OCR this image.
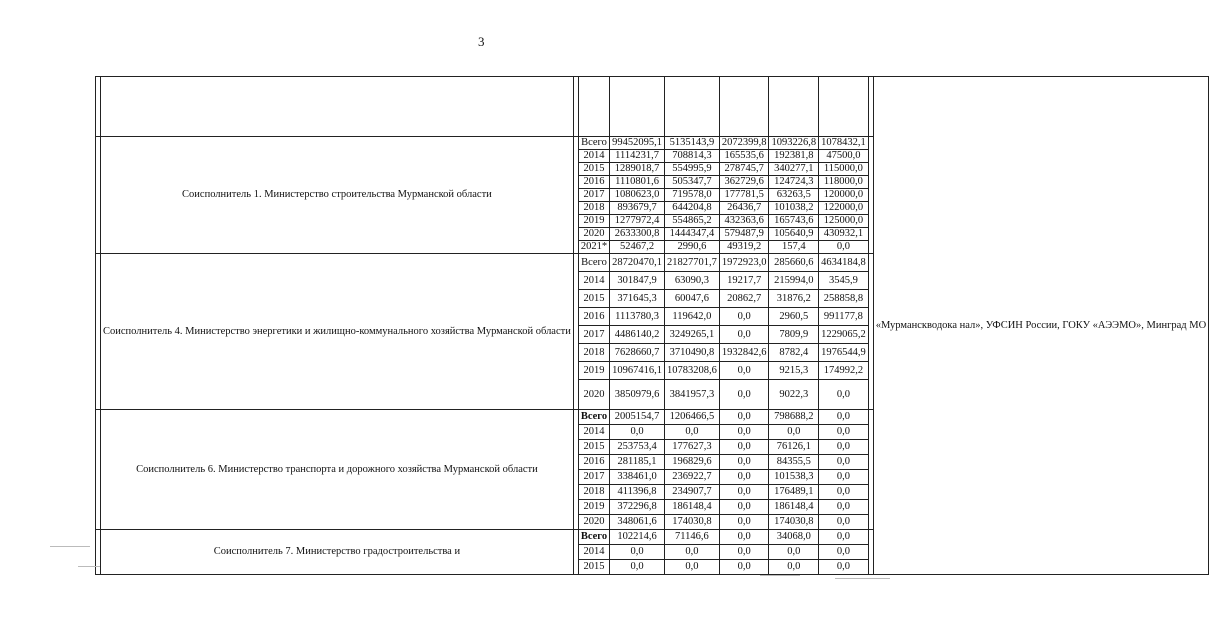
3
										«Мурманскводока нал», УФСИН России, ГОКУ «АЭЭМО», Минград МО
	Соисполнитель 1. Министерство строительства Мурманской области		Всего	99452095,1	5135143,9	2072399,8	1093226,8	1078432,1		
			2014	1114231,7	708814,3	165535,6	192381,8	47500,0		
			2015	1289018,7	554995,9	278745,7	340277,1	115000,0		
			2016	1110801,6	505347,7	362729,6	124724,3	118000,0		
			2017	1080623,0	719578,0	177781,5	63263,5	120000,0		
			2018	893679,7	644204,8	26436,7	101038,2	122000,0		
			2019	1277972,4	554865,2	432363,6	165743,6	125000,0		
			2020	2633300,8	1444347,4	579487,9	105640,9	430932,1		
			2021*	52467,2	2990,6	49319,2	157,4	0,0		
	Соисполнитель 4. Министерство энергетики и жилищно-коммунального хозяйства Мурманской области		Всего	28720470,1	21827701,7	1972923,0	285660,6	4634184,8		
			2014	301847,9	63090,3	19217,7	215994,0	3545,9		
			2015	371645,3	60047,6	20862,7	31876,2	258858,8		
			2016	1113780,3	119642,0	0,0	2960,5	991177,8		
			2017	4486140,2	3249265,1	0,0	7809,9	1229065,2		
			2018	7628660,7	3710490,8	1932842,6	8782,4	1976544,9		
			2019	10967416,1	10783208,6	0,0	9215,3	174992,2		
			2020	3850979,6	3841957,3	0,0	9022,3	0,0		
	Соисполнитель 6. Министерство транспорта и дорожного хозяйства Мурманской области		Всего	2005154,7	1206466,5	0,0	798688,2	0,0		
			2014	0,0	0,0	0,0	0,0	0,0		
			2015	253753,4	177627,3	0,0	76126,1	0,0		
			2016	281185,1	196829,6	0,0	84355,5	0,0		
			2017	338461,0	236922,7	0,0	101538,3	0,0		
			2018	411396,8	234907,7	0,0	176489,1	0,0		
			2019	372296,8	186148,4	0,0	186148,4	0,0		
			2020	348061,6	174030,8	0,0	174030,8	0,0		
	Соисполнитель 7. Министерство градостроительства и		Всего	102214,6	71146,6	0,0	34068,0	0,0		
			2014	0,0	0,0	0,0	0,0	0,0		
			2015	0,0	0,0	0,0	0,0	0,0		
